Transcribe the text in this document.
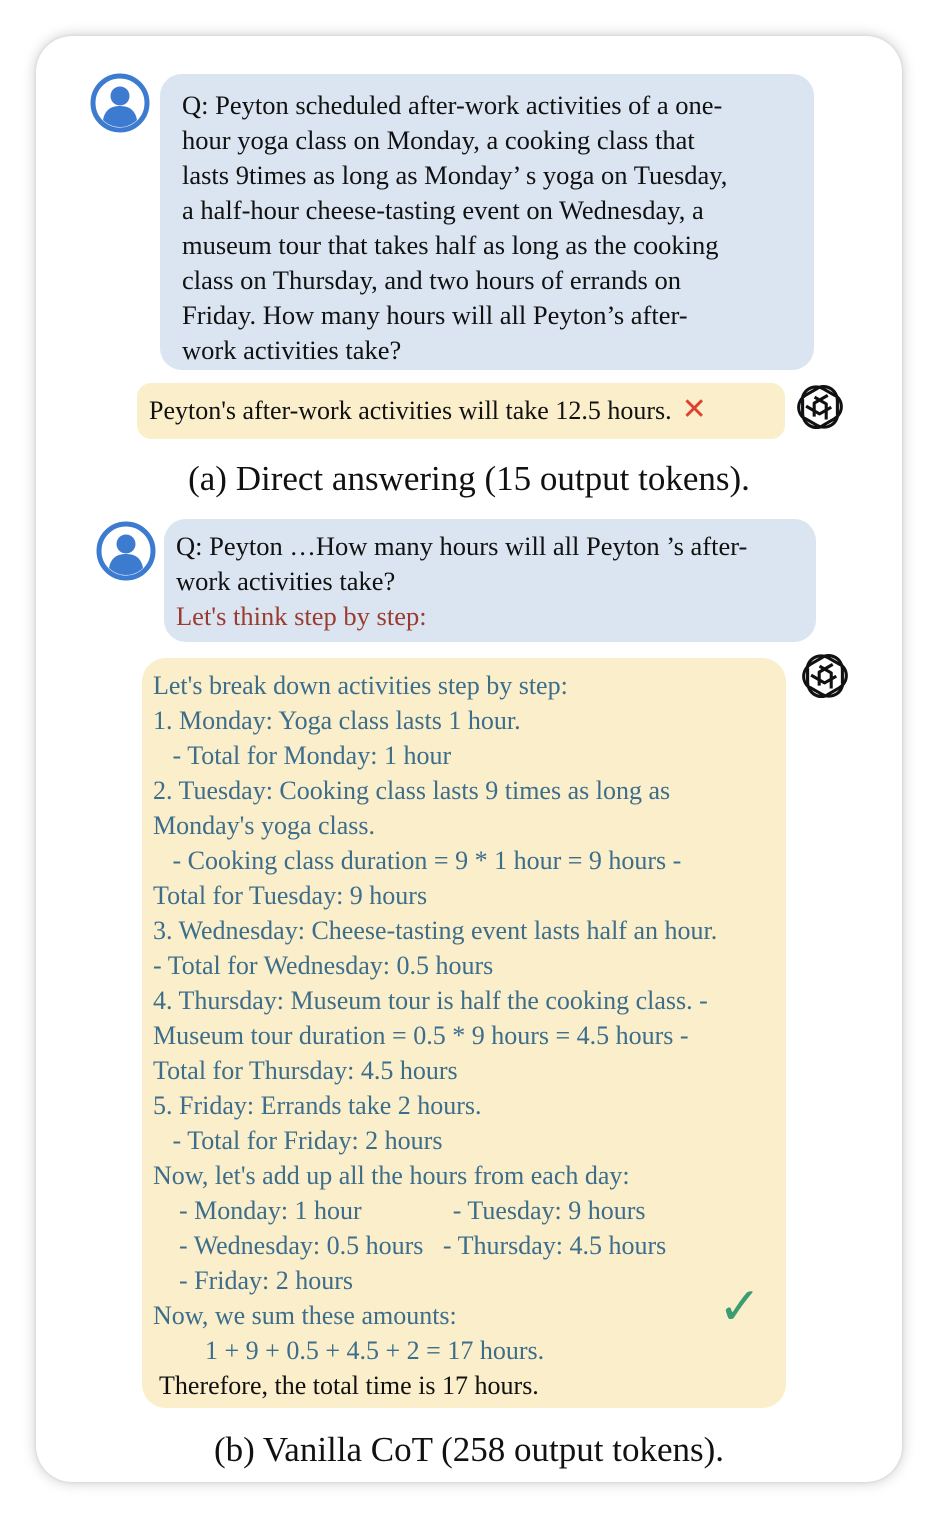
Q: Peyton scheduled after-work activities of a one-
hour yoga class on Monday, a cooking class that
lasts 9times as long as Monday’ s yoga on Tuesday,
a half-hour cheese-tasting event on Wednesday, a
museum tour that takes half as long as the cooking
class on Thursday, and two hours of errands on
Friday. How many hours will all Peyton’s after-
work activities take?
Peyton's after-work activities will take 12.5 hours. ✕
(a) Direct answering (15 output tokens).
Q: Peyton …How many hours will all Peyton ’s after-
work activities take?
Let's think step by step:
Let's break down activities step by step:
1. Monday: Yoga class lasts 1 hour.
- Total for Monday: 1 hour
2. Tuesday: Cooking class lasts 9 times as long as
Monday's yoga class.
- Cooking class duration = 9 * 1 hour = 9 hours -
Total for Tuesday: 9 hours
3. Wednesday: Cheese-tasting event lasts half an hour.
- Total for Wednesday: 0.5 hours
4. Thursday: Museum tour is half the cooking class. -
Museum tour duration = 0.5 * 9 hours = 4.5 hours -
Total for Thursday: 4.5 hours
5. Friday: Errands take 2 hours.
- Total for Friday: 2 hours
Now, let's add up all the hours from each day:
- Monday: 1 hour              - Tuesday: 9 hours
- Wednesday: 0.5 hours   - Thursday: 4.5 hours
- Friday: 2 hours
Now, we sum these amounts:
1 + 9 + 0.5 + 4.5 + 2 = 17 hours.
Therefore, the total time is 17 hours.
✓
(b) Vanilla CoT (258 output tokens).
